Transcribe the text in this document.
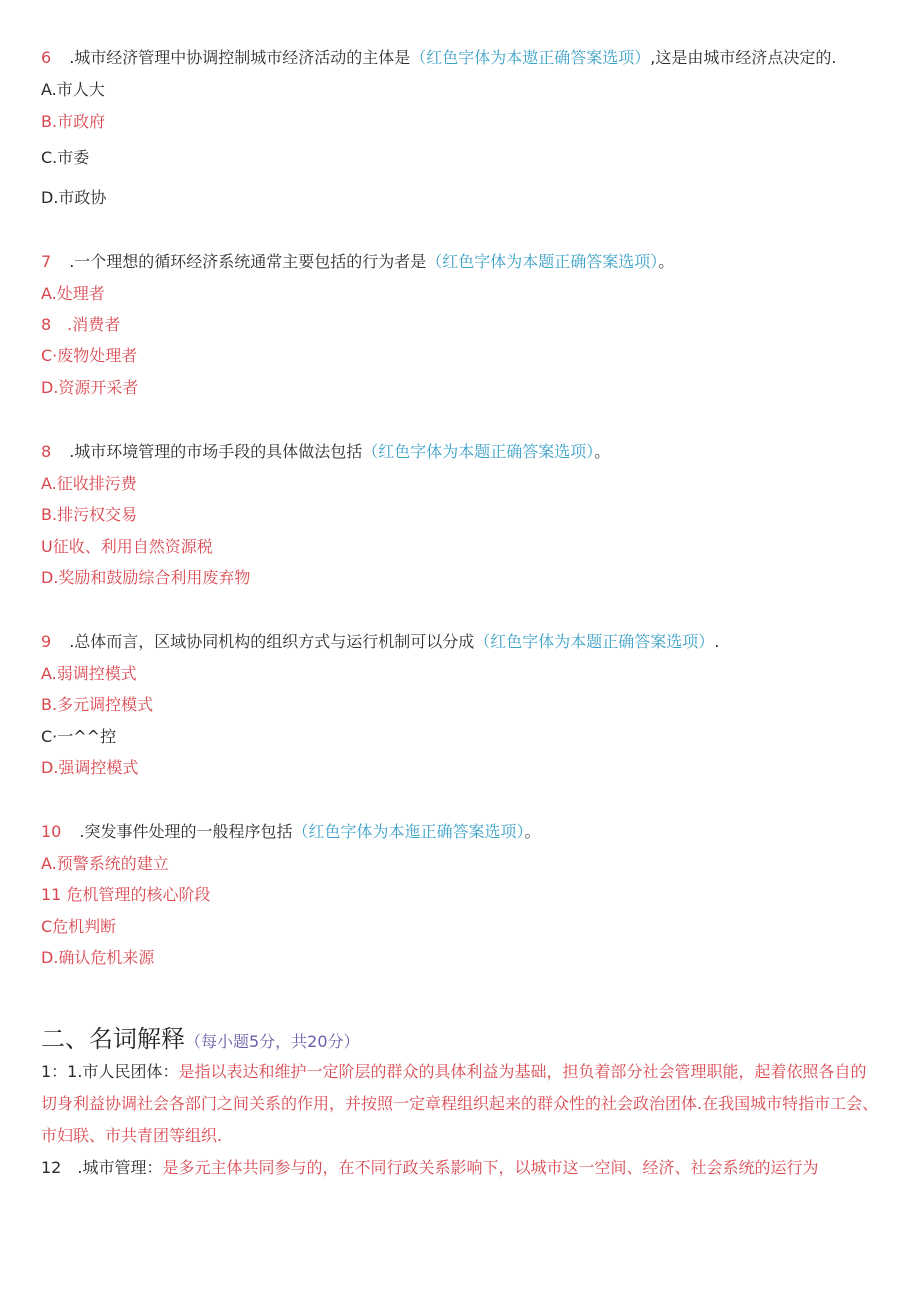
6 .城市经济管理中协调控制城市经济活动的主体是（红色字体为本遨正确答案选项）,这是由城市经济点决定的.
A.市人大
B.市政府
C.市委
D.市政协
7 .一个理想的循环经济系统通常主要包括的行为者是（红色字体为本题正确答案选项）。
A.处理者
8　.消费者
C·废物处理者
D.资源开采者
8 .城市环境管理的市场手段的具体做法包括（红色字体为本题正确答案选项）。
A.征收排污费
B.排污权交易
U征收、利用自然资源税
D.奖励和鼓励综合利用废弃物
9 .总体而言，区域协同机构的组织方式与运行机制可以分成（红色字体为本题正确答案选项）.
A.弱调控模式
B.多元调控模式
C·一^^控
D.强调控模式
10 .突发事件处理的一般程序包括（红色字体为本迤正确答案选项）。
A.预警系统的建立
11 危机管理的核心阶段
C危机判断
D.确认危机来源
二、名词解释（每小题5分，共20分）
1：1.市人民团体：是指以表达和维护一定阶层的群众的具体利益为基础，担负着部分社会管理职能，起着依照各自的切身利益协调社会各部门之间关系的作用，并按照一定章程组织起来的群众性的社会政治团体.在我国城市特指市工会、市妇联、市共青团等组织.
12　.城市管理：是多元主体共同参与的，在不同行政关系影响下，以城市这一空间、经济、社会系统的运行为
